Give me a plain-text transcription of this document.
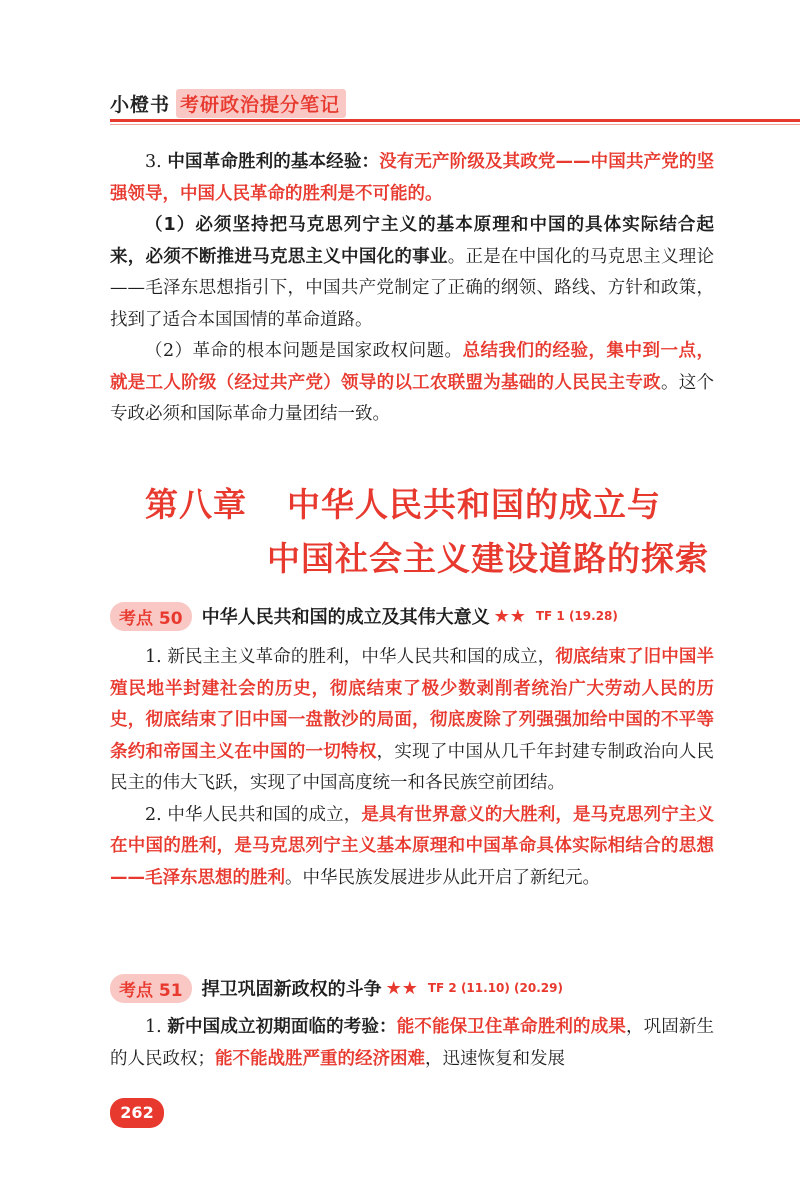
小橙书 考研政治提分笔记

3. 中国革命胜利的基本经验：没有无产阶级及其政党——中国共产党的坚强领导，中国人民革命的胜利是不可能的。

（1）必须坚持把马克思列宁主义的基本原理和中国的具体实际结合起来，必须不断推进马克思主义中国化的事业。正是在中国化的马克思主义理论——毛泽东思想指引下，中国共产党制定了正确的纲领、路线、方针和政策，找到了适合本国国情的革命道路。

（2）革命的根本问题是国家政权问题。总结我们的经验，集中到一点，就是工人阶级（经过共产党）领导的以工农联盟为基础的人民民主专政。这个专政必须和国际革命力量团结一致。

第八章 中华人民共和国的成立与
中国社会主义建设道路的探索
考点 50	中华人民共和国的成立及其伟大意义 ★★ TF 1 (19.28)

1. 新民主主义革命的胜利，中华人民共和国的成立，彻底结束了旧中国半殖民地半封建社会的历史，彻底结束了极少数剥削者统治广大劳动人民的历史，彻底结束了旧中国一盘散沙的局面，彻底废除了列强强加给中国的不平等条约和帝国主义在中国的一切特权，实现了中国从几千年封建专制政治向人民民主的伟大飞跃，实现了中国高度统一和各民族空前团结。

2. 中华人民共和国的成立，是具有世界意义的大胜利，是马克思列宁主义在中国的胜利，是马克思列宁主义基本原理和中国革命具体实际相结合的思想——毛泽东思想的胜利。中华民族发展进步从此开启了新纪元。

考点 51	捍卫巩固新政权的斗争 ★★ TF 2 (11.10) (20.29)

1. 新中国成立初期面临的考验：能不能保卫住革命胜利的成果，巩固新生的人民政权；能不能战胜严重的经济困难，迅速恢复和发展

262
